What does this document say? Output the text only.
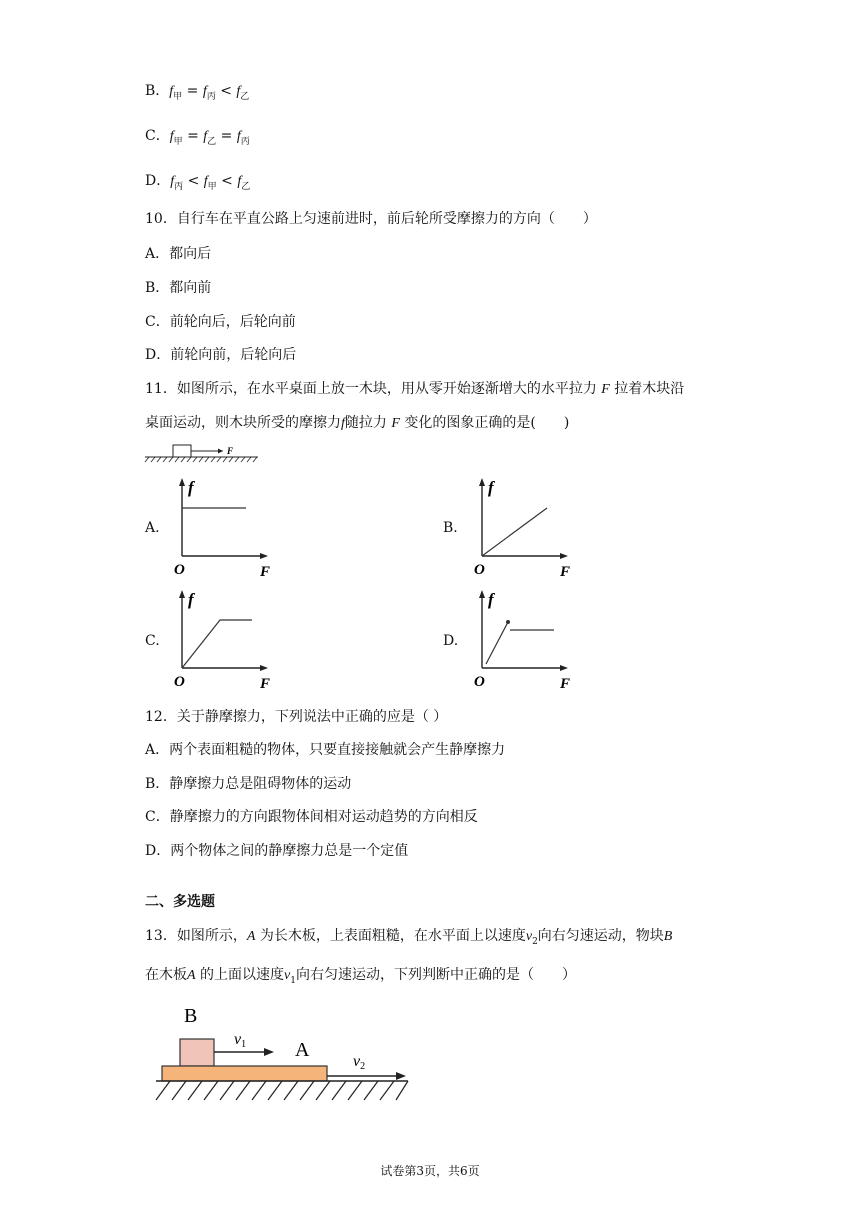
B．$f_甲 = f_丙 < f_乙$
C．$f_甲 = f_乙 = f_丙$
D．$f_丙 < f_甲 < f_乙$
10．自行车在平直公路上匀速前进时，前后轮所受摩擦力的方向（　　）
A．都向后
B．都向前
C．前轮向后，后轮向前
D．前轮向前，后轮向后
11．如图所示，在水平桌面上放一木块，用从零开始逐渐增大的水平拉力 F 拉着木块沿
桌面运动，则木块所受的摩擦力f随拉力 F 变化的图象正确的是(　　)
F
A.	B.
C.	D.
f
O	F
f
O	F
f
O	F
f
O	F
12．关于静摩擦力，下列说法中正确的应是（ ）
A．两个表面粗糙的物体，只要直接接触就会产生静摩擦力
B．静摩擦力总是阻碍物体的运动
C．静摩擦力的方向跟物体间相对运动趋势的方向相反
D．两个物体之间的静摩擦力总是一个定值
二、多选题
13．如图所示，A 为长木板，上表面粗糙，在水平面上以速度$v_2$向右匀速运动，物块B
在木板A 的上面以速度$v_1$向右匀速运动，下列判断中正确的是（　　）
B
v1 A
v2
试卷第3页，共6页
